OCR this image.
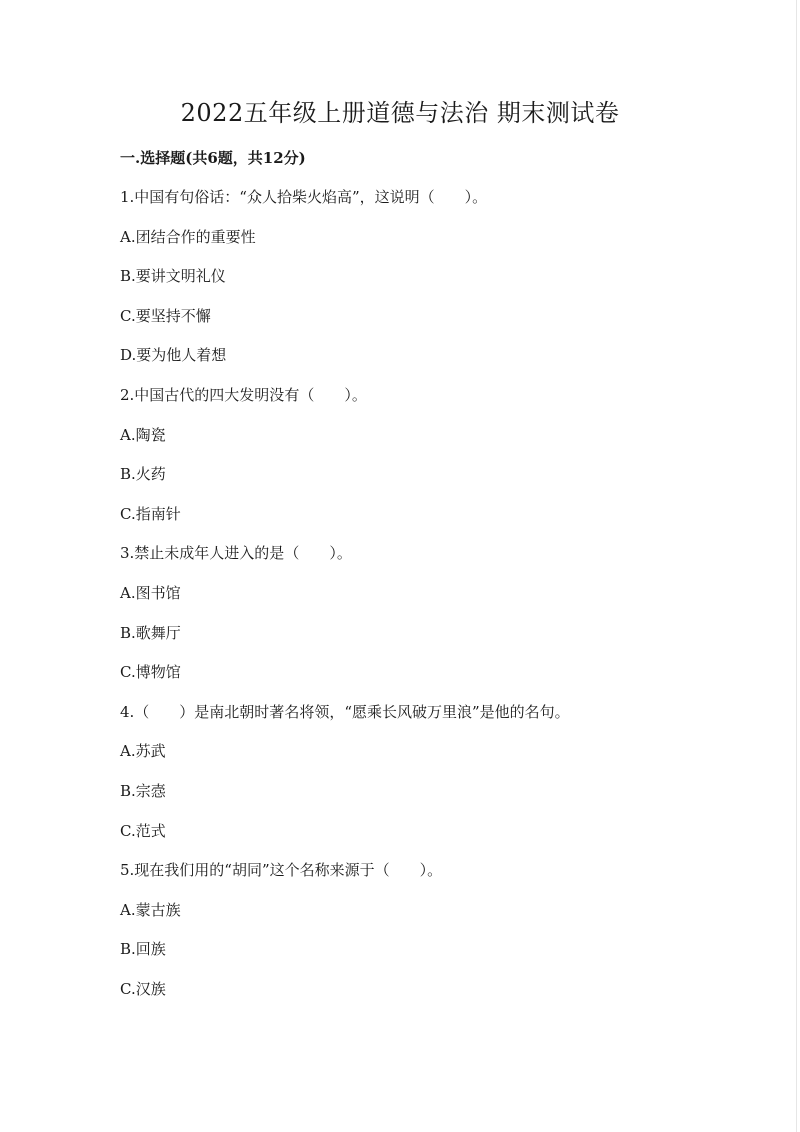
2022五年级上册道德与法治 期末测试卷
一.选择题(共6题，共12分)
1.中国有句俗话：“众人拾柴火焰高”，这说明（　　）。
A.团结合作的重要性
B.要讲文明礼仪
C.要坚持不懈
D.要为他人着想
2.中国古代的四大发明没有（　　）。
A.陶瓷
B.火药
C.指南针
3.禁止未成年人进入的是（　　）。
A.图书馆
B.歌舞厅
C.博物馆
4.（　　）是南北朝时著名将领，“愿乘长风破万里浪”是他的名句。
A.苏武
B.宗悫
C.范式
5.现在我们用的“胡同”这个名称来源于（　　）。
A.蒙古族
B.回族
C.汉族
